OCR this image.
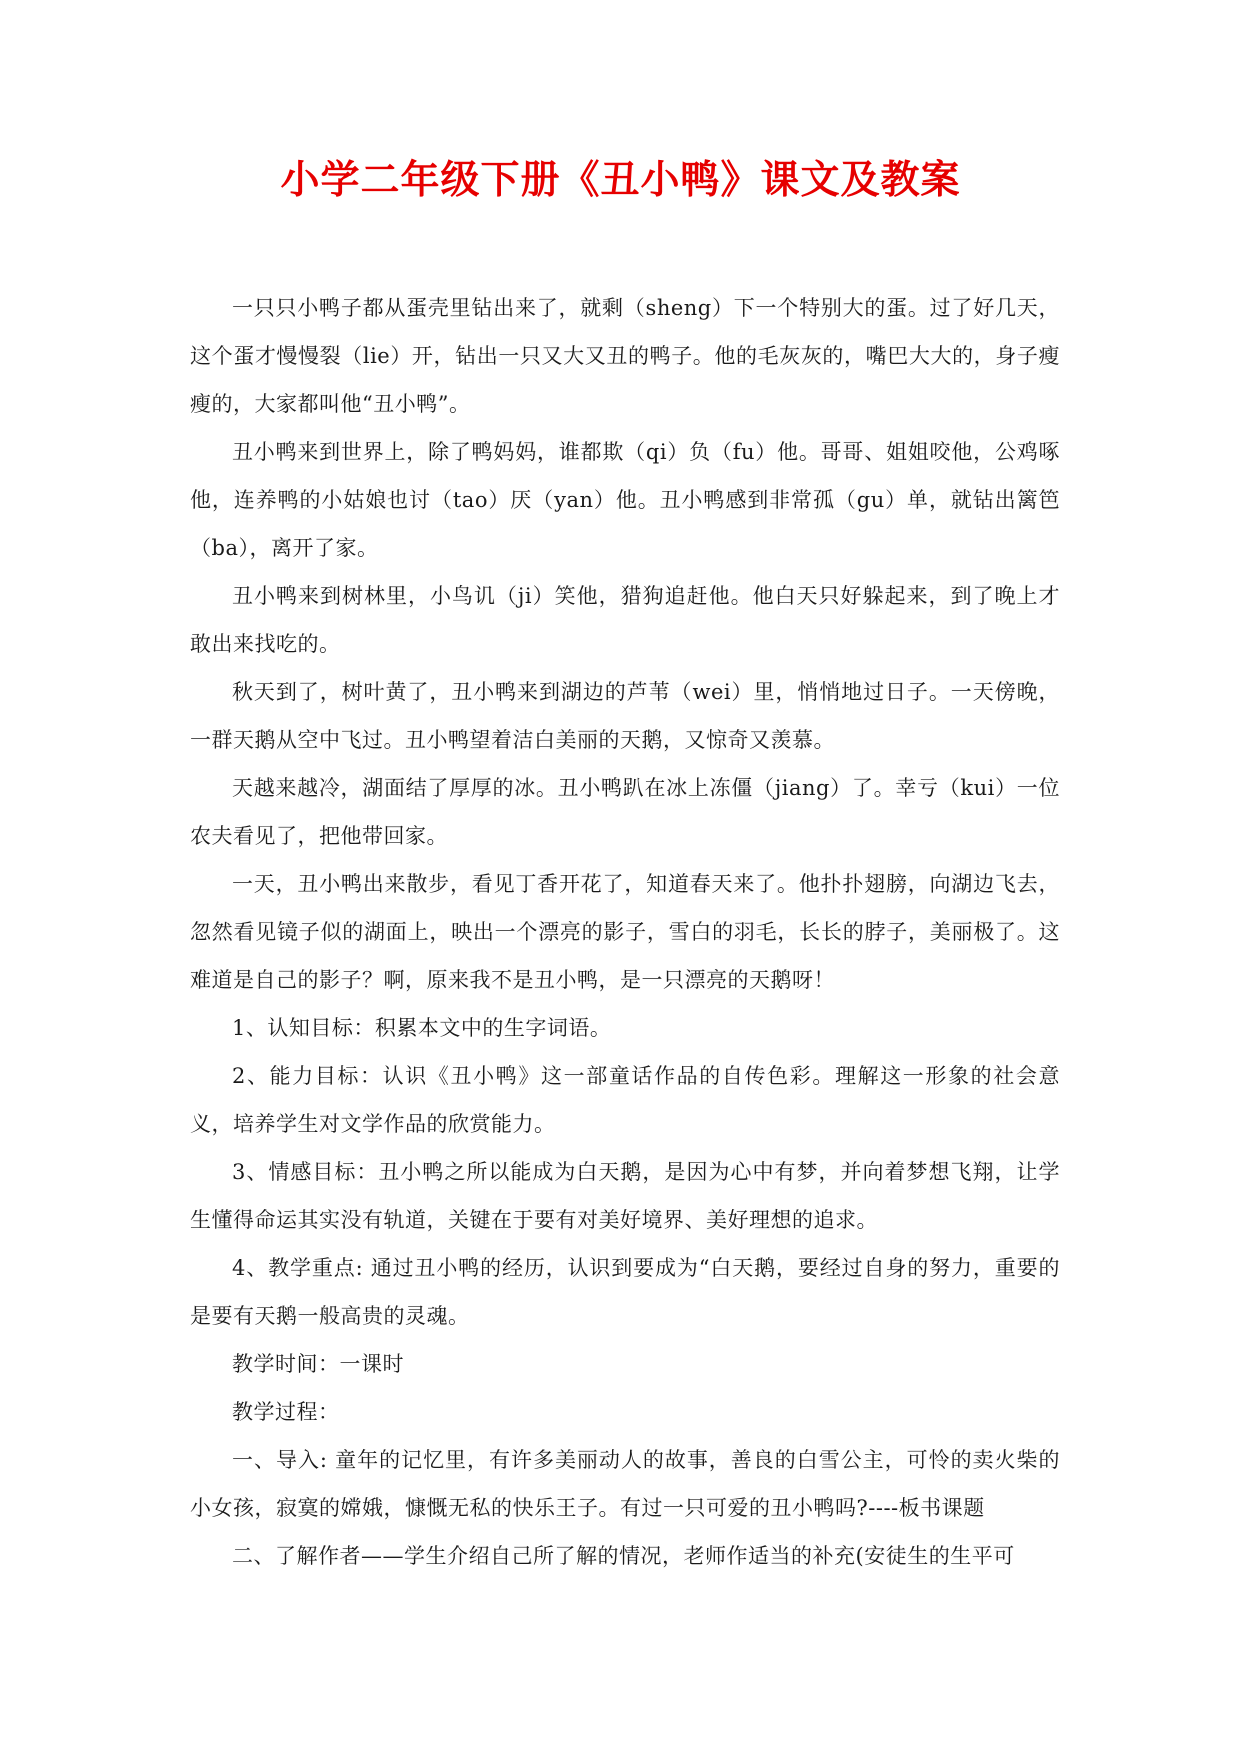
小学二年级下册《丑小鸭》课文及教案

一只只小鸭子都从蛋壳里钻出来了，就剩（sheng）下一个特别大的蛋。过了好几天，这个蛋才慢慢裂（lie）开，钻出一只又大又丑的鸭子。他的毛灰灰的，嘴巴大大的，身子瘦瘦的，大家都叫他“丑小鸭”。

丑小鸭来到世界上，除了鸭妈妈，谁都欺（qi）负（fu）他。哥哥、姐姐咬他，公鸡啄他，连养鸭的小姑娘也讨（tao）厌（yan）他。丑小鸭感到非常孤（gu）单，就钻出篱笆（ba），离开了家。

丑小鸭来到树林里，小鸟讥（ji）笑他，猎狗追赶他。他白天只好躲起来，到了晚上才敢出来找吃的。

秋天到了，树叶黄了，丑小鸭来到湖边的芦苇（wei）里，悄悄地过日子。一天傍晚，一群天鹅从空中飞过。丑小鸭望着洁白美丽的天鹅，又惊奇又羡慕。

天越来越冷，湖面结了厚厚的冰。丑小鸭趴在冰上冻僵（jiang）了。幸亏（kui）一位农夫看见了，把他带回家。

一天，丑小鸭出来散步，看见丁香开花了，知道春天来了。他扑扑翅膀，向湖边飞去，忽然看见镜子似的湖面上，映出一个漂亮的影子，雪白的羽毛，长长的脖子，美丽极了。这难道是自己的影子？啊，原来我不是丑小鸭，是一只漂亮的天鹅呀！

1、认知目标：积累本文中的生字词语。

2、能力目标：认识《丑小鸭》这一部童话作品的自传色彩。理解这一形象的社会意义，培养学生对文学作品的欣赏能力。

3、情感目标：丑小鸭之所以能成为白天鹅，是因为心中有梦，并向着梦想飞翔，让学生懂得命运其实没有轨道，关键在于要有对美好境界、美好理想的追求。

4、教学重点: 通过丑小鸭的经历，认识到要成为“白天鹅，要经过自身的努力，重要的是要有天鹅一般高贵的灵魂。

教学时间：一课时

教学过程：

一、导入: 童年的记忆里，有许多美丽动人的故事，善良的白雪公主，可怜的卖火柴的小女孩，寂寞的嫦娥，慷慨无私的快乐王子。有过一只可爱的丑小鸭吗?----板书课题

二、了解作者——学生介绍自己所了解的情况，老师作适当的补充(安徒生的生平可
